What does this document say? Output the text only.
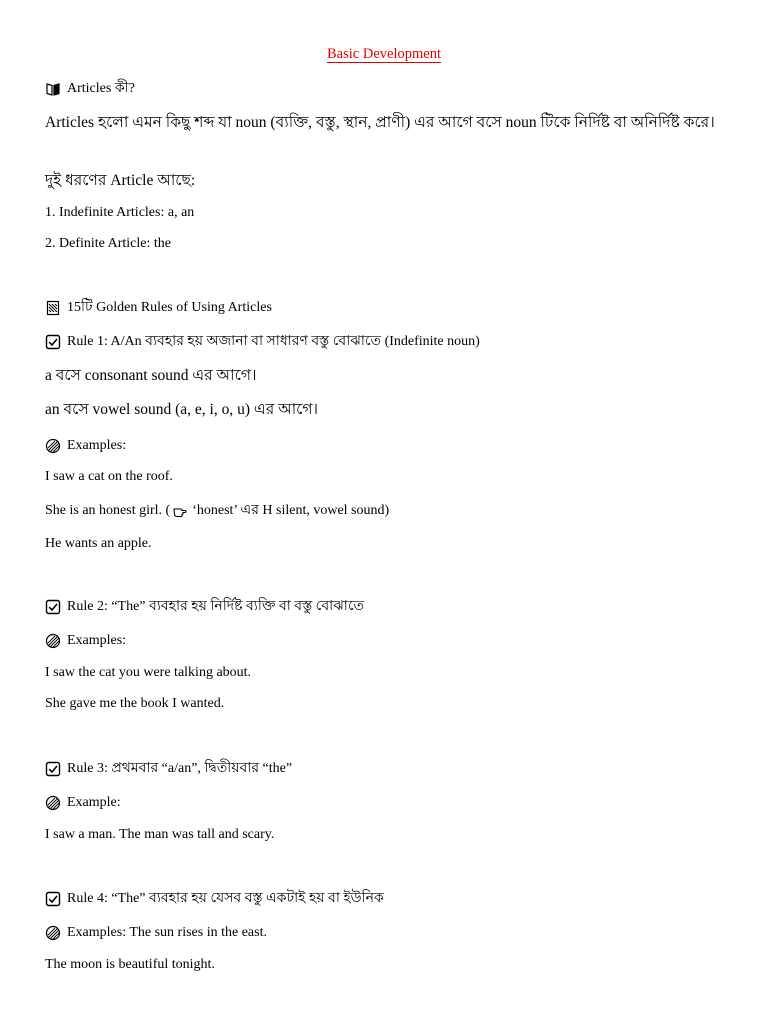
Basic Development
Articles কী?
Articles হলো এমন কিছু শব্দ যা noun (ব্যক্তি, বস্তু, স্থান, প্রাণী) এর আগে বসে noun টিকে নির্দিষ্ট বা অনির্দিষ্ট করে।
দুই ধরণের Article আছে:
1. Indefinite Articles: a, an
2. Definite Article: the
15টি Golden Rules of Using Articles
Rule 1: A/An ব্যবহার হয় অজানা বা সাধারণ বস্তু বোঝাতে (Indefinite noun)
a বসে consonant sound এর আগে।
an বসে vowel sound (a, e, i, o, u) এর আগে।
Examples:
I saw a cat on the roof.
She is an honest girl. ( ‘honest’ এর H silent, vowel sound)
He wants an apple.
Rule 2: “The” ব্যবহার হয় নির্দিষ্ট ব্যক্তি বা বস্তু বোঝাতে
Examples:
I saw the cat you were talking about.
She gave me the book I wanted.
Rule 3: প্রথমবার “a/an”, দ্বিতীয়বার “the”
Example:
I saw a man. The man was tall and scary.
Rule 4: “The” ব্যবহার হয় যেসব বস্তু একটাই হয় বা ইউনিক
Examples: The sun rises in the east.
The moon is beautiful tonight.
